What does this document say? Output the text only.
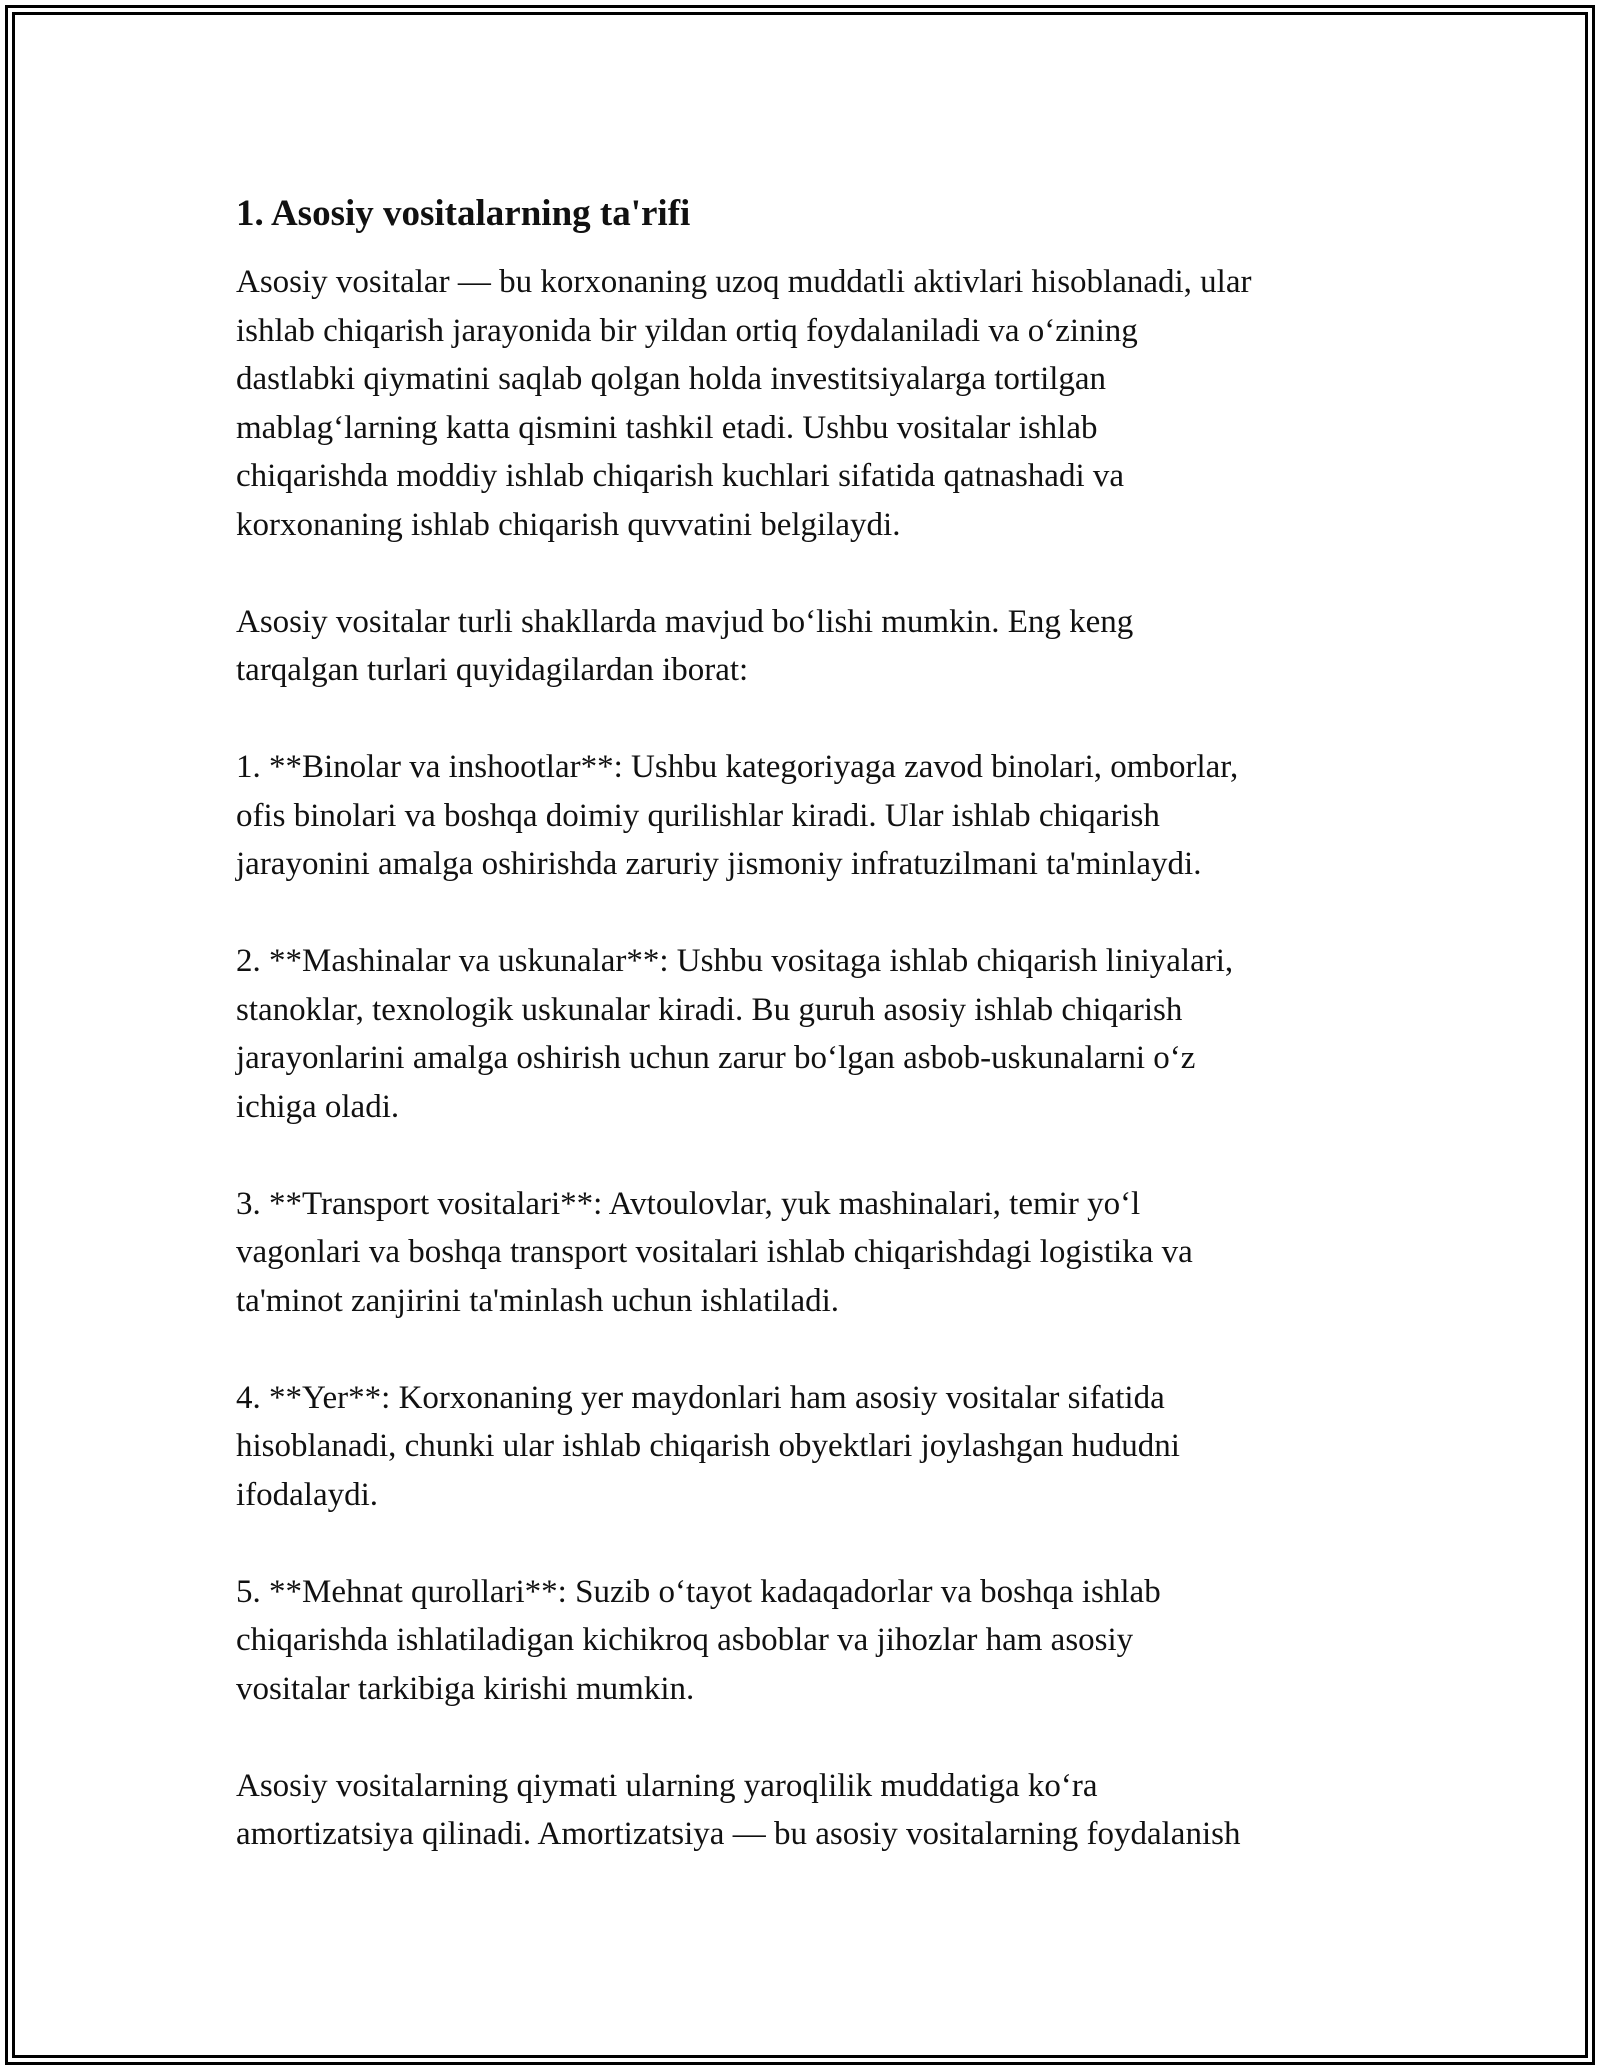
1. Asosiy vositalarning ta'rifi

Asosiy vositalar — bu korxonaning uzoq muddatli aktivlari hisoblanadi, ular
ishlab chiqarish jarayonida bir yildan ortiq foydalaniladi va o‘zining
dastlabki qiymatini saqlab qolgan holda investitsiyalarga tortilgan
mablag‘larning katta qismini tashkil etadi. Ushbu vositalar ishlab
chiqarishda moddiy ishlab chiqarish kuchlari sifatida qatnashadi va
korxonaning ishlab chiqarish quvvatini belgilaydi.

Asosiy vositalar turli shakllarda mavjud bo‘lishi mumkin. Eng keng
tarqalgan turlari quyidagilardan iborat:

1. **Binolar va inshootlar**: Ushbu kategoriyaga zavod binolari, omborlar,
ofis binolari va boshqa doimiy qurilishlar kiradi. Ular ishlab chiqarish
jarayonini amalga oshirishda zaruriy jismoniy infratuzilmani ta'minlaydi.

2. **Mashinalar va uskunalar**: Ushbu vositaga ishlab chiqarish liniyalari,
stanoklar, texnologik uskunalar kiradi. Bu guruh asosiy ishlab chiqarish
jarayonlarini amalga oshirish uchun zarur bo‘lgan asbob-uskunalarni o‘z
ichiga oladi.

3. **Transport vositalari**: Avtoulovlar, yuk mashinalari, temir yo‘l
vagonlari va boshqa transport vositalari ishlab chiqarishdagi logistika va
ta'minot zanjirini ta'minlash uchun ishlatiladi.

4. **Yer**: Korxonaning yer maydonlari ham asosiy vositalar sifatida
hisoblanadi, chunki ular ishlab chiqarish obyektlari joylashgan hududni
ifodalaydi.

5. **Mehnat qurollari**: Suzib o‘tayot kadaqadorlar va boshqa ishlab
chiqarishda ishlatiladigan kichikroq asboblar va jihozlar ham asosiy
vositalar tarkibiga kirishi mumkin.

Asosiy vositalarning qiymati ularning yaroqlilik muddatiga ko‘ra
amortizatsiya qilinadi. Amortizatsiya — bu asosiy vositalarning foydalanish
